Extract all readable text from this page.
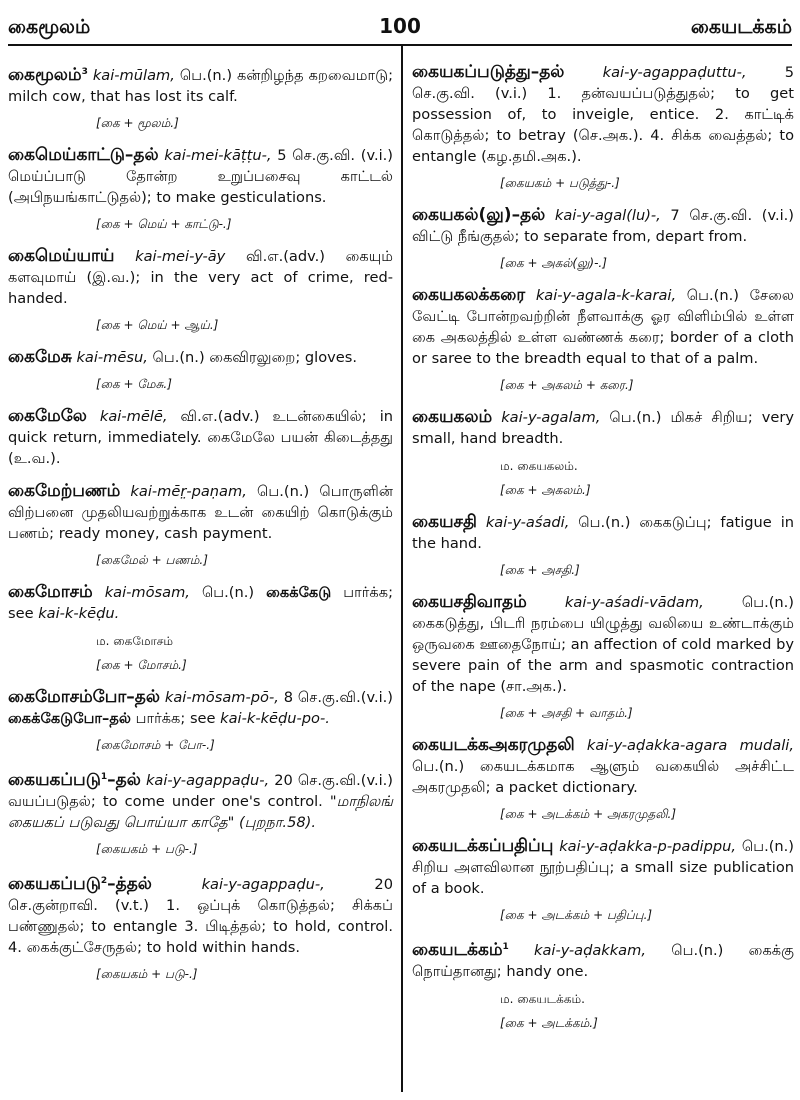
கைமூலம்	100	கையடக்கம்
கைமூலம்$^3$ kai-mūlam, பெ.(n.) கன்றிழந்த கறவைமாடு; milch cow, that has lost its calf.
[கை + மூலம்.]
கைமெய்காட்டு–தல் kai-mei-kāṭṭu-, 5 செ.கு.வி. (v.i.) மெய்ப்பாடு தோன்ற உறுப்பசைவு காட்டல் (அபிநயங்காட்டுதல்); to make gesticulations.
[கை + மெய் + காட்டு-.]
கைமெய்யாய் kai-mei-y-āy வி.எ.(adv.) கையும் களவுமாய் (இ.வ.); in the very act of crime, red-handed.
[கை + மெய் + ஆய்.]
கைமேசு kai-mēsu, பெ.(n.) கைவிரலுறை; gloves.
[கை + மேசு.]
கைமேலே kai-mēlē, வி.எ.(adv.) உடன்கையில்; in quick return, immediately. கைமேலே பயன் கிடைத்தது (உ.வ.).
கைமேற்பணம் kai-mēr̤-paṇam, பெ.(n.) பொருளின் விற்பனை முதலியவற்றுக்காக உடன் கையிற் கொடுக்கும் பணம்; ready money, cash payment.
[கைமேல் + பணம்.]
கைமோசம் kai-mōsam, பெ.(n.) கைக்கேடு பார்க்க; see kai-k-kēḍu.
ம. கைமோசம்
[கை + மோசம்.]
கைமோசம்போ–தல் kai-mōsam-pō-, 8 செ.கு.வி.(v.i.) கைக்கேடுபோ–தல் பார்க்க; see kai-k-kēḍu-po-.
[கைமோசம் + போ-.]
கையகப்படு$^1$–தல் kai-y-agappaḍu-, 20 செ.கு.வி.(v.i.) வயப்படுதல்; to come under one's control. "மாநிலங் கையகப் படுவது பொய்யா காதே" (புறநா.58).
[கையகம் + படு-.]
கையகப்படு$^2$–த்தல்	kai-y-agappaḍu-, 20 செ.குன்றாவி. (v.t.) 1. ஒப்புக் கொடுத்தல்; சிக்கப் பண்ணுதல்; to entangle 3. பிடித்தல்; to hold, control. 4. கைக்குட்சேருதல்; to hold within hands.
[கையகம் + படு-.]
கையகப்படுத்து–தல்	kai-y-agappaḍuttu-, 5 செ.கு.வி. (v.i.) 1. தன்வயப்படுத்துதல்; to get possession of, to inveigle, entice. 2. காட்டிக் கொடுத்தல்; to betray (செ.அக.). 4. சிக்க வைத்தல்; to entangle (கழ.தமி.அக.).
[கையகம் + படுத்து-.]
கையகல்(லு)–தல் kai-y-agal(lu)-, 7 செ.கு.வி. (v.i.) விட்டு நீங்குதல்; to separate from, depart from.
[கை + அகல்(லு)-.]
கையகலக்கரை kai-y-agala-k-karai, பெ.(n.) சேலை வேட்டி போன்றவற்றின் நீளவாக்கு ஓர விளிம்பில் உள்ள கை அகலத்தில் உள்ள வண்ணக் கரை; border of a cloth or saree to the breadth equal to that of a palm.
[கை + அகலம் + கரை.]
கையகலம் kai-y-agalam, பெ.(n.) மிகச் சிறிய; very small, hand breadth.
ம. கையகலம்.
[கை + அகலம்.]
கையசதி kai-y-aśadi, பெ.(n.) கைகடுப்பு; fatigue in the hand.
[கை + அசதி.]
கையசதிவாதம்	kai-y-aśadi-vādam, பெ.(n.) கைகடுத்து, பிடரி நரம்பை யிழுத்து வலியை உண்டாக்கும் ஒருவகை ஊதைநோய்; an affection of cold marked by severe pain of the arm and spasmotic contraction of the nape (சா.அக.).
[கை + அசதி + வாதம்.]
கையடக்கஅகரமுதலி kai-y-aḍakka-agara mudali, பெ.(n.) கையடக்கமாக ஆளும் வகையில் அச்சிட்ட அகரமுதலி; a packet dictionary.
[கை + அடக்கம் + அகரமுதலி.]
கையடக்கப்பதிப்பு kai-y-aḍakka-p-padippu, பெ.(n.) சிறிய அளவிலான நூற்பதிப்பு; a small size publication of a book.
[கை + அடக்கம் + பதிப்பு.]
கையடக்கம்$^1$ kai-y-aḍakkam, பெ.(n.) கைக்கு நொய்தானது; handy one.
ம. கையடக்கம்.
[கை + அடக்கம்.]
